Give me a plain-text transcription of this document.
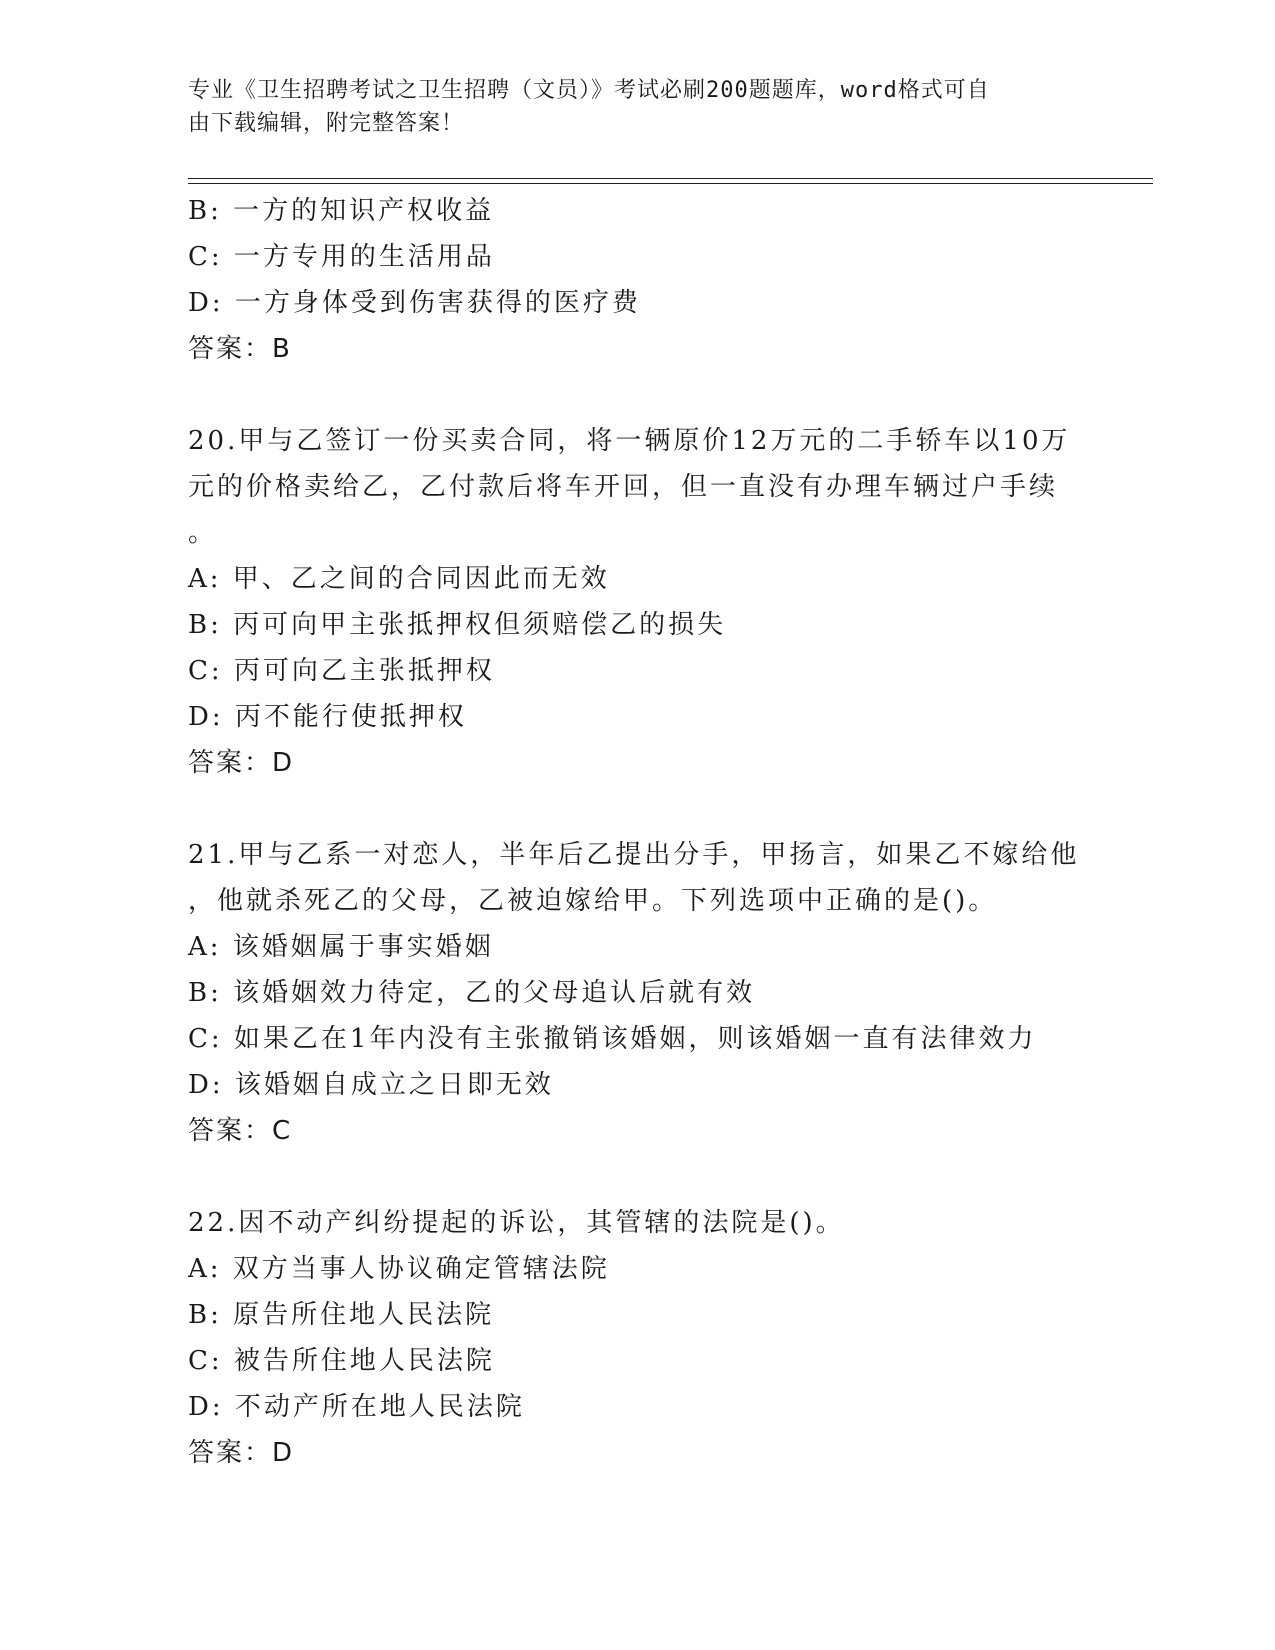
专业《卫生招聘考试之卫生招聘（文员）》考试必刷200题题库，word格式可自
由下载编辑，附完整答案！
B: 一方的知识产权收益
C: 一方专用的生活用品
D: 一方身体受到伤害获得的医疗费
答案：B
20.甲与乙签订一份买卖合同，将一辆原价12万元的二手轿车以10万
元的价格卖给乙，乙付款后将车开回，但一直没有办理车辆过户手续
。
A: 甲、乙之间的合同因此而无效
B: 丙可向甲主张抵押权但须赔偿乙的损失
C: 丙可向乙主张抵押权
D: 丙不能行使抵押权
答案：D
21.甲与乙系一对恋人，半年后乙提出分手，甲扬言，如果乙不嫁给他
，他就杀死乙的父母，乙被迫嫁给甲。下列选项中正确的是()。
A: 该婚姻属于事实婚姻
B: 该婚姻效力待定，乙的父母追认后就有效
C: 如果乙在1年内没有主张撤销该婚姻，则该婚姻一直有法律效力
D: 该婚姻自成立之日即无效
答案：C
22.因不动产纠纷提起的诉讼，其管辖的法院是()。
A: 双方当事人协议确定管辖法院
B: 原告所住地人民法院
C: 被告所住地人民法院
D: 不动产所在地人民法院
答案：D
